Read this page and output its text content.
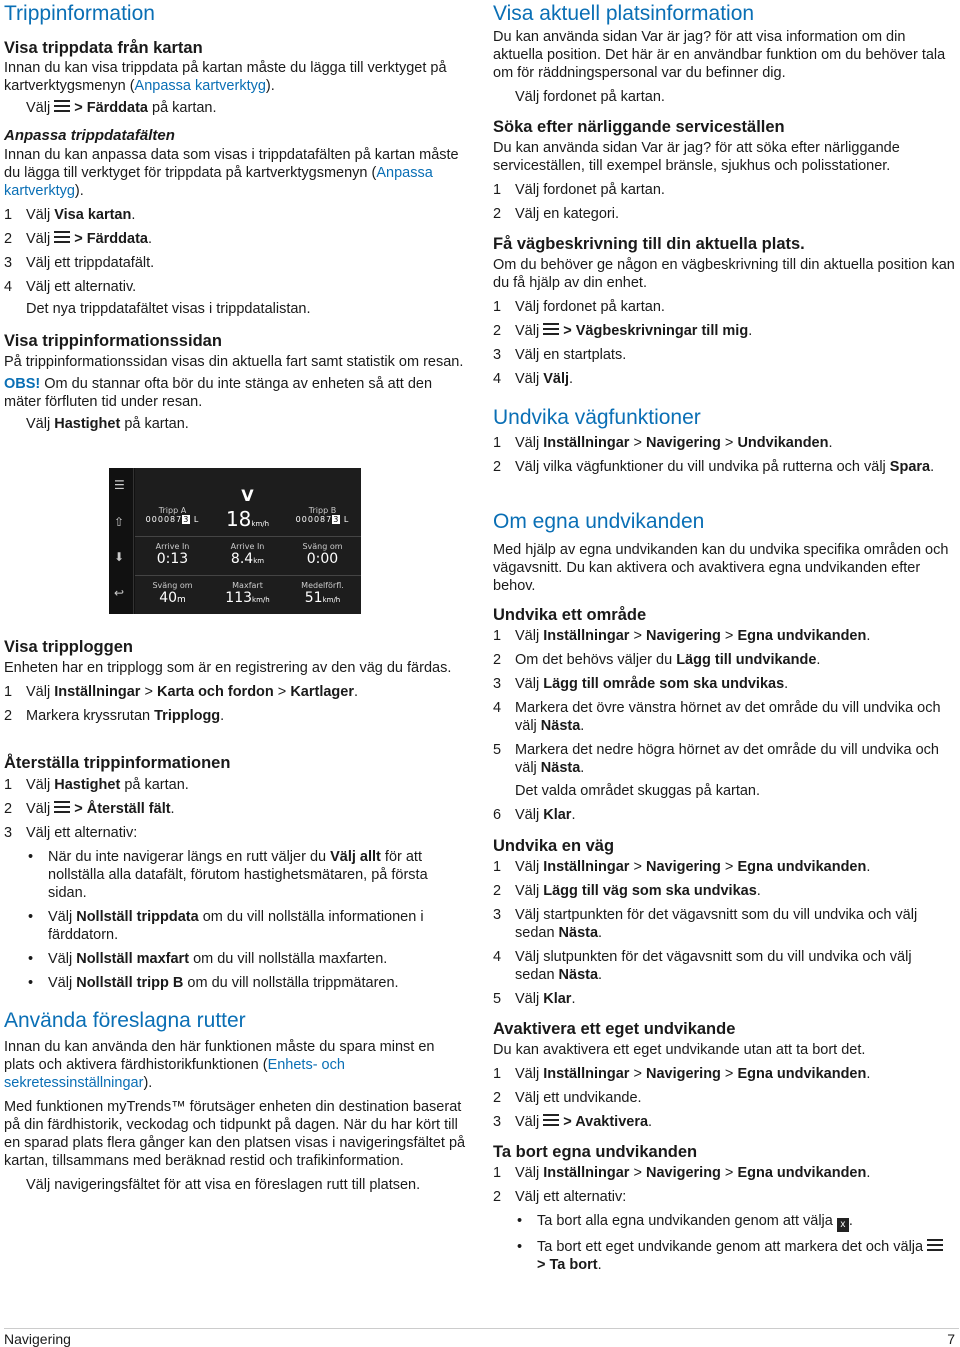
Trippinformation
Visa trippdata från kartan

Innan du kan visa trippdata på kartan måste du lägga till verktyget på kartverktygsmenyn (Anpassa kartverktyg).

Välj > Färddata på kartan.

Anpassa trippdatafälten

Innan du kan anpassa data som visas i trippdatafälten på kartan måste du lägga till verktyget för trippdata på kartverktygsmenyn (Anpassa kartverktyg).

1 Välj Visa kartan.
2 Välj  > Färddata.
3 Välj ett trippdatafält.
4 Välj ett alternativ.

Det nya trippdatafältet visas i trippdatalistan.

Visa trippinformationssidan

På trippinformationssidan visas din aktuella fart samt statistik om resan.

OBS! Om du stannar ofta bör du inte stänga av enheten så att den mäter förfluten tid under resan.

Välj Hastighet på kartan.

☰
⇧
⬇
↩
Tripp A
0000873 L
V
18km/h
Tripp B
0000873 L
Arrive In
0:13
Arrive In
8.4km
Sväng om
0:00
Sväng om
40m
Maxfart
113km/h
Medelförfl.
51km/h
Visa tripploggen

Enheten har en tripplogg som är en registrering av den väg du färdas.

1 Välj Inställningar > Karta och fordon > Kartlager.
2 Markera kryssrutan Tripplogg.
Återställa trippinformationen
1 Välj Hastighet på kartan.
2 Välj  > Återställ fält.
3 Välj ett alternativ:
• När du inte navigerar längs en rutt väljer du Välj allt för att nollställa alla datafält, förutom hastighetsmätaren, på första sidan.
• Välj Nollställ trippdata om du vill nollställa informationen i färddatorn.
• Välj Nollställ maxfart om du vill nollställa maxfarten.
• Välj Nollställ tripp B om du vill nollställa trippmätaren.
Använda föreslagna rutter

Innan du kan använda den här funktionen måste du spara minst en plats och aktivera färdhistorikfunktionen (Enhets- och sekretessinställningar).

Med funktionen myTrends™ förutsäger enheten din destination baserat på din färdhistorik, veckodag och tidpunkt på dagen. När du har kört till en sparad plats flera gånger kan den platsen visas i navigeringsfältet på kartan, tillsammans med beräknad restid och trafikinformation.

Välj navigeringsfältet för att visa en föreslagen rutt till platsen.

Visa aktuell platsinformation

Du kan använda sidan Var är jag? för att visa information om din aktuella position. Det här är en användbar funktion om du behöver tala om för räddningspersonal var du befinner dig.

Välj fordonet på kartan.

Söka efter närliggande serviceställen

Du kan använda sidan Var är jag? för att söka efter närliggande serviceställen, till exempel bränsle, sjukhus och polisstationer.

1 Välj fordonet på kartan.
2 Välj en kategori.
Få vägbeskrivning till din aktuella plats.

Om du behöver ge någon en vägbeskrivning till din aktuella position kan du få hjälp av din enhet.

1 Välj fordonet på kartan.
2 Välj  > Vägbeskrivningar till mig.
3 Välj en startplats.
4 Välj Välj.
Undvika vägfunktioner
1 Välj Inställningar > Navigering > Undvikanden.
2 Välj vilka vägfunktioner du vill undvika på rutterna och välj Spara.
Om egna undvikanden

Med hjälp av egna undvikanden kan du undvika specifika områden och vägavsnitt. Du kan aktivera och avaktivera egna undvikanden efter behov.

Undvika ett område
1 Välj Inställningar > Navigering > Egna undvikanden.
2 Om det behövs väljer du Lägg till undvikande.
3 Välj Lägg till område som ska undvikas.
4 Markera det övre vänstra hörnet av det område du vill undvika och välj Nästa.
5 Markera det nedre högra hörnet av det område du vill undvika och välj Nästa.

Det valda området skuggas på kartan.

6 Välj Klar.
Undvika en väg
1 Välj Inställningar > Navigering > Egna undvikanden.
2 Välj Lägg till väg som ska undvikas.
3 Välj startpunkten för det vägavsnitt som du vill undvika och välj sedan Nästa.
4 Välj slutpunkten för det vägavsnitt som du vill undvika och välj sedan Nästa.
5 Välj Klar.
Avaktivera ett eget undvikande

Du kan avaktivera ett eget undvikande utan att ta bort det.

1 Välj Inställningar > Navigering > Egna undvikanden.
2 Välj ett undvikande.
3 Välj  > Avaktivera.
Ta bort egna undvikanden
1 Välj Inställningar > Navigering > Egna undvikanden.
2 Välj ett alternativ:
• Ta bort alla egna undvikanden genom att välja x .
• Ta bort ett eget undvikande genom att markera det och välja  > Ta bort.
Navigering	7
